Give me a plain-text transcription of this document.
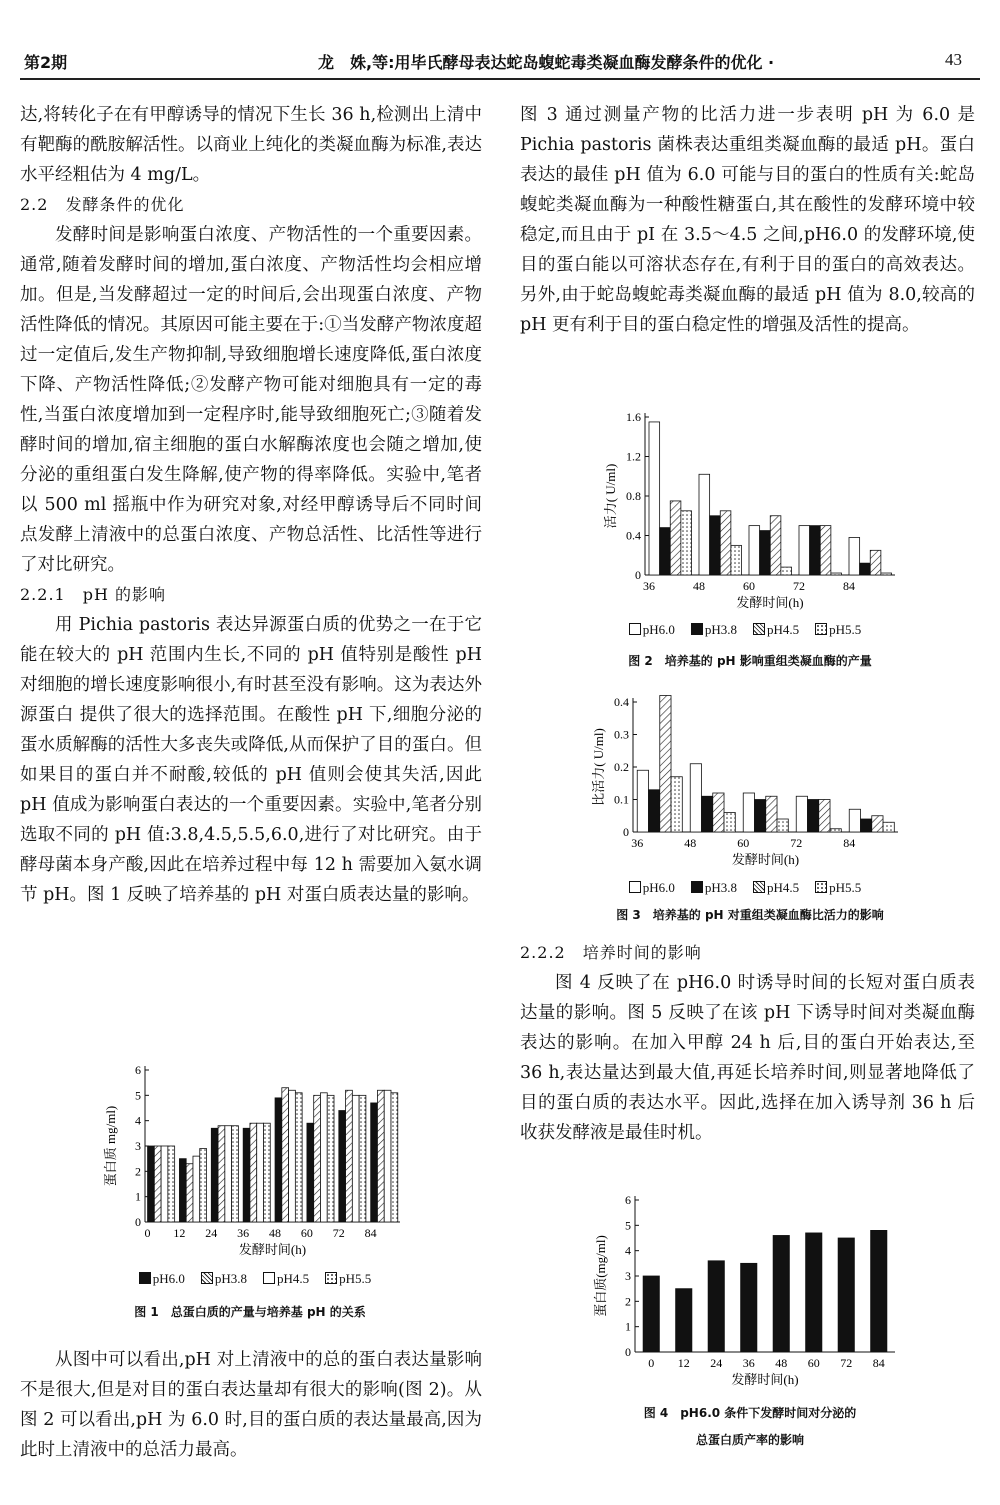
第2期	龙　姝,等:用毕氏酵母表达蛇岛蝮蛇毒类凝血酶发酵条件的优化 ·	43

达,将转化子在有甲醇诱导的情况下生长 36 h,检测出上清中有靶酶的酰胺解活性。以商业上纯化的类凝血酶为标准,表达水平经粗估为 4 mg/L。

2.2　发酵条件的优化

发酵时间是影响蛋白浓度、产物活性的一个重要因素。通常,随着发酵时间的增加,蛋白浓度、产物活性均会相应增加。但是,当发酵超过一定的时间后,会出现蛋白浓度、产物活性降低的情况。其原因可能主要在于:①当发酵产物浓度超过一定值后,发生产物抑制,导致细胞增长速度降低,蛋白浓度下降、产物活性降低;②发酵产物可能对细胞具有一定的毒性,当蛋白浓度增加到一定程序时,能导致细胞死亡;③随着发酵时间的增加,宿主细胞的蛋白水解酶浓度也会随之增加,使分泌的重组蛋白发生降解,使产物的得率降低。实验中,笔者以 500 ml 摇瓶中作为研究对象,对经甲醇诱导后不同时间点发酵上清液中的总蛋白浓度、产物总活性、比活性等进行了对比研究。

2.2.1　pH 的影响

用 Pichia pastoris 表达异源蛋白质的优势之一在于它能在较大的 pH 范围内生长,不同的 pH 值特别是酸性 pH 对细胞的增长速度影响很小,有时甚至没有影响。这为表达外源蛋白 提供了很大的选择范围。在酸性 pH 下,细胞分泌的蛋水质解酶的活性大多丧失或降低,从而保护了目的蛋白。但如果目的蛋白并不耐酸,较低的 pH 值则会使其失活,因此 pH 值成为影响蛋白表达的一个重要因素。实验中,笔者分别选取不同的 pH 值:3.8,4.5,5.5,6.0,进行了对比研究。由于酵母菌本身产酸,因此在培养过程中每 12 h 需要加入氨水调节 pH。图 1 反映了培养基的 pH 对蛋白质表达量的影响。

0
1
2
3
4
5
6
0 12 24 36 48 60 72 84
发酵时间(h)
蛋白质 mg/ml)
pH6.0 pH3.8 pH4.5 pH5.5
图 1　总蛋白质的产量与培养基 pH 的关系

从图中可以看出,pH 对上清液中的总的蛋白表达量影响不是很大,但是对目的蛋白表达量却有很大的影响(图 2)。从图 2 可以看出,pH 为 6.0 时,目的蛋白质的表达量最高,因为此时上清液中的总活力最高。

图 3 通过测量产物的比活力进一步表明 pH 为 6.0 是 Pichia pastoris 菌株表达重组类凝血酶的最适 pH。蛋白表达的最佳 pH 值为 6.0 可能与目的蛋白的性质有关:蛇岛蝮蛇类凝血酶为一种酸性糖蛋白,其在酸性的发酵环境中较稳定,而且由于 pI 在 3.5～4.5 之间,pH6.0 的发酵环境,使目的蛋白能以可溶状态存在,有利于目的蛋白的高效表达。另外,由于蛇岛蝮蛇毒类凝血酶的最适 pH 值为 8.0,较高的 pH 更有利于目的蛋白稳定性的增强及活性的提高。

0
0.4
0.8
1.2
1.6
36	48	60	72	84
发酵时间(h)
活力( U/ml)
pH6.0 pH3.8 pH4.5 pH5.5
图 2　培养基的 pH 影响重组类凝血酶的产量
0
0.1
0.2
0.3
0.4
36	48	60	72	84
发酵时间(h)
比活力( U/ml)
pH6.0 pH3.8 pH4.5 pH5.5
图 3　培养基的 pH 对重组类凝血酶比活力的影响

2.2.2　培养时间的影响

图 4 反映了在 pH6.0 时诱导时间的长短对蛋白质表达量的影响。图 5 反映了在该 pH 下诱导时间对类凝血酶表达的影响。在加入甲醇 24 h 后,目的蛋白开始表达,至 36 h,表达量达到最大值,再延长培养时间,则显著地降低了目的蛋白质的表达水平。因此,选择在加入诱导剂 36 h 后收获发酵液是最佳时机。

0
1
2
3
4
5
6
0 12 24 36 48 60 72 84
发酵时间(h)
蛋白质(mg/ml)
图 4　pH6.0 条件下发酵时间对分泌的
总蛋白质产率的影响
